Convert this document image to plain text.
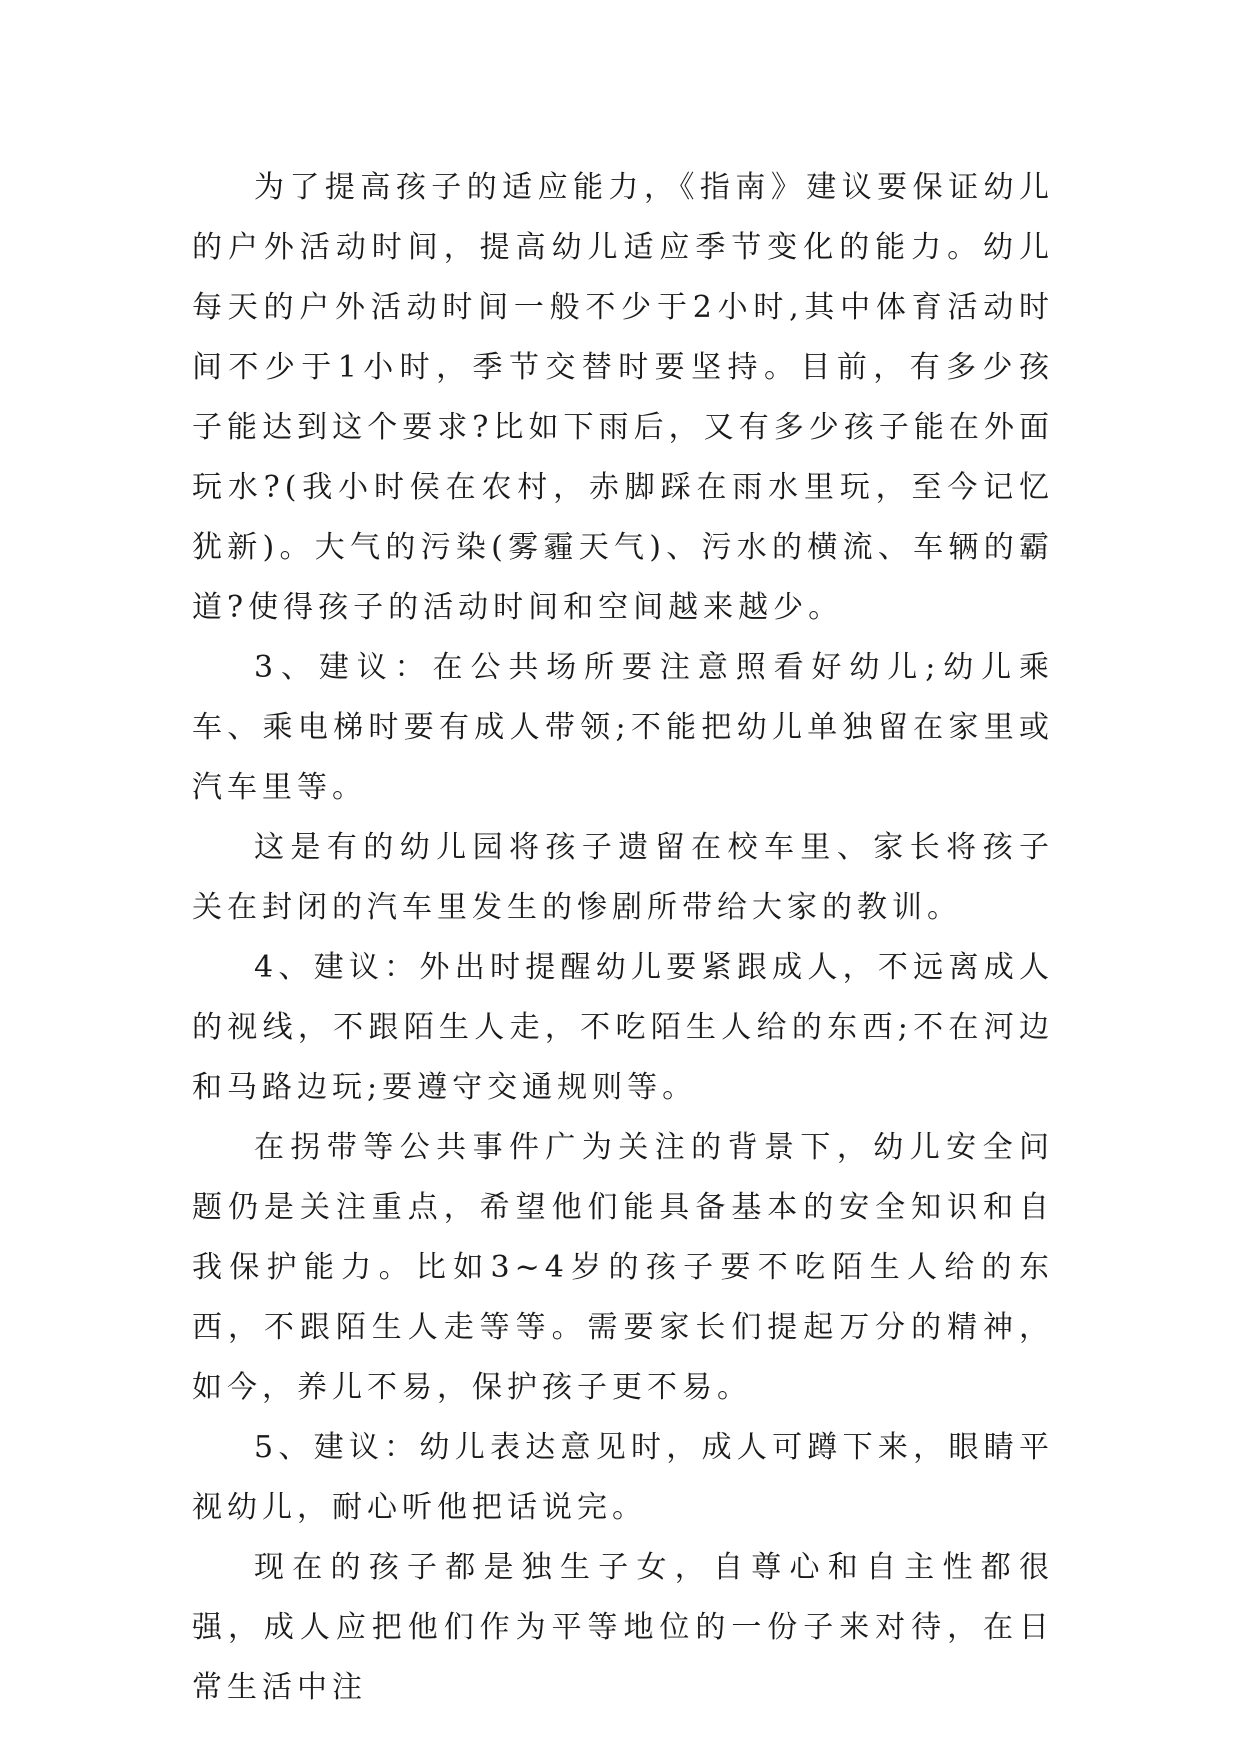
为了提高孩子的适应能力，《指南》建议要保证幼儿的户外活动时间，提高幼儿适应季节变化的能力。幼儿每天的户外活动时间一般不少于2小时,其中体育活动时间不少于1小时，季节交替时要坚持。目前，有多少孩子能达到这个要求?比如下雨后，又有多少孩子能在外面玩水?(我小时侯在农村，赤脚踩在雨水里玩，至今记忆犹新)。大气的污染(雾霾天气)、污水的横流、车辆的霸道?使得孩子的活动时间和空间越来越少。

3、建议：在公共场所要注意照看好幼儿;幼儿乘车、乘电梯时要有成人带领;不能把幼儿单独留在家里或汽车里等。

这是有的幼儿园将孩子遗留在校车里、家长将孩子关在封闭的汽车里发生的惨剧所带给大家的教训。

4、建议：外出时提醒幼儿要紧跟成人，不远离成人的视线，不跟陌生人走，不吃陌生人给的东西;不在河边和马路边玩;要遵守交通规则等。

在拐带等公共事件广为关注的背景下，幼儿安全问题仍是关注重点，希望他们能具备基本的安全知识和自我保护能力。比如3~4岁的孩子要不吃陌生人给的东西，不跟陌生人走等等。需要家长们提起万分的精神，如今，养儿不易，保护孩子更不易。

5、建议：幼儿表达意见时，成人可蹲下来，眼睛平视幼儿，耐心听他把话说完。

现在的孩子都是独生子女，自尊心和自主性都很强，成人应把他们作为平等地位的一份子来对待，在日常生活中注
